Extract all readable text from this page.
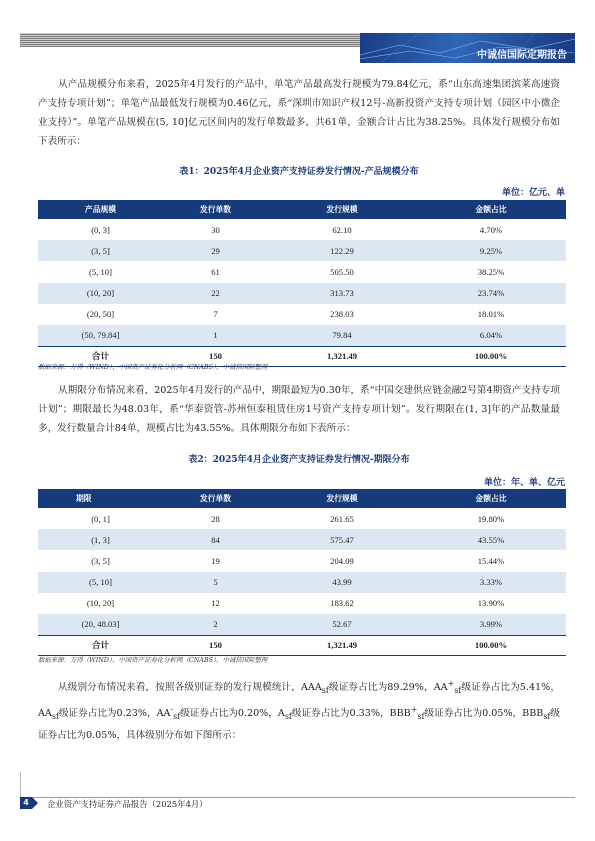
中诚信国际定期报告

从产品规模分布来看，2025年4月发行的产品中，单笔产品最高发行规模为79.84亿元，系“山东高速集团滨莱高速资产支持专项计划”；单笔产品最低发行规模为0.46亿元，系“深圳市知识产权12号-高新投资产支持专项计划（园区中小微企业支持）”。单笔产品规模在(5, 10]亿元区间内的发行单数最多，共61单，金额合计占比为38.25%。具体发行规模分布如下表所示：

表1：2025年4月企业资产支持证券发行情况-产品规模分布
单位：亿元、单
产品规模	发行单数	发行规模	金额占比
(0, 3]	30	62.10	4.70%
(3, 5]	29	122.29	9.25%
(5, 10]	61	505.50	38.25%
(10, 20]	22	313.73	23.74%
(20, 50]	7	238.03	18.01%
(50, 79.84]	1	79.84	6.04%
合计	150	1,321.49	100.00%
数据来源：万得（WIND）、中国资产证券化分析网（CNABS），中诚信国际整理

从期限分布情况来看，2025年4月发行的产品中，期限最短为0.30年，系“中国交建供应链金融2号第4期资产支持专项计划”；期限最长为48.03年，系“华泰资管-苏州恒泰租赁住房1号资产支持专项计划”。发行期限在(1, 3]年的产品数量最多，发行数量合计84单，规模占比为43.55%。具体期限分布如下表所示：

表2：2025年4月企业资产支持证券发行情况-期限分布
单位：年、单、亿元
期限	发行单数	发行规模	金额占比
(0, 1]	28	261.65	19.80%
(1, 3]	84	575.47	43.55%
(3, 5]	19	204.09	15.44%
(5, 10]	5	43.99	3.33%
(10, 20]	12	183.62	13.90%
(20, 48.03]	2	52.67	3.99%
合计	150	1,321.49	100.00%
数据来源：万得（WIND）、中国资产证券化分析网（CNABS），中诚信国际整理

从级别分布情况来看，按照各级别证券的发行规模统计，$AAA_{sf}$级证券占比为89.29%，$AA^+_{sf}$级证券占比为5.41%，$AA_{sf}$级证券占比为0.23%，$AA^-_{sf}$级证券占比为0.20%，$A_{sf}$级证券占比为0.33%，$BBB^+_{sf}$级证券占比为0.05%，$BBB_{sf}$级证券占比为0.05%，具体级别分布如下图所示：

4	企业资产支持证券产品报告（2025年4月）
